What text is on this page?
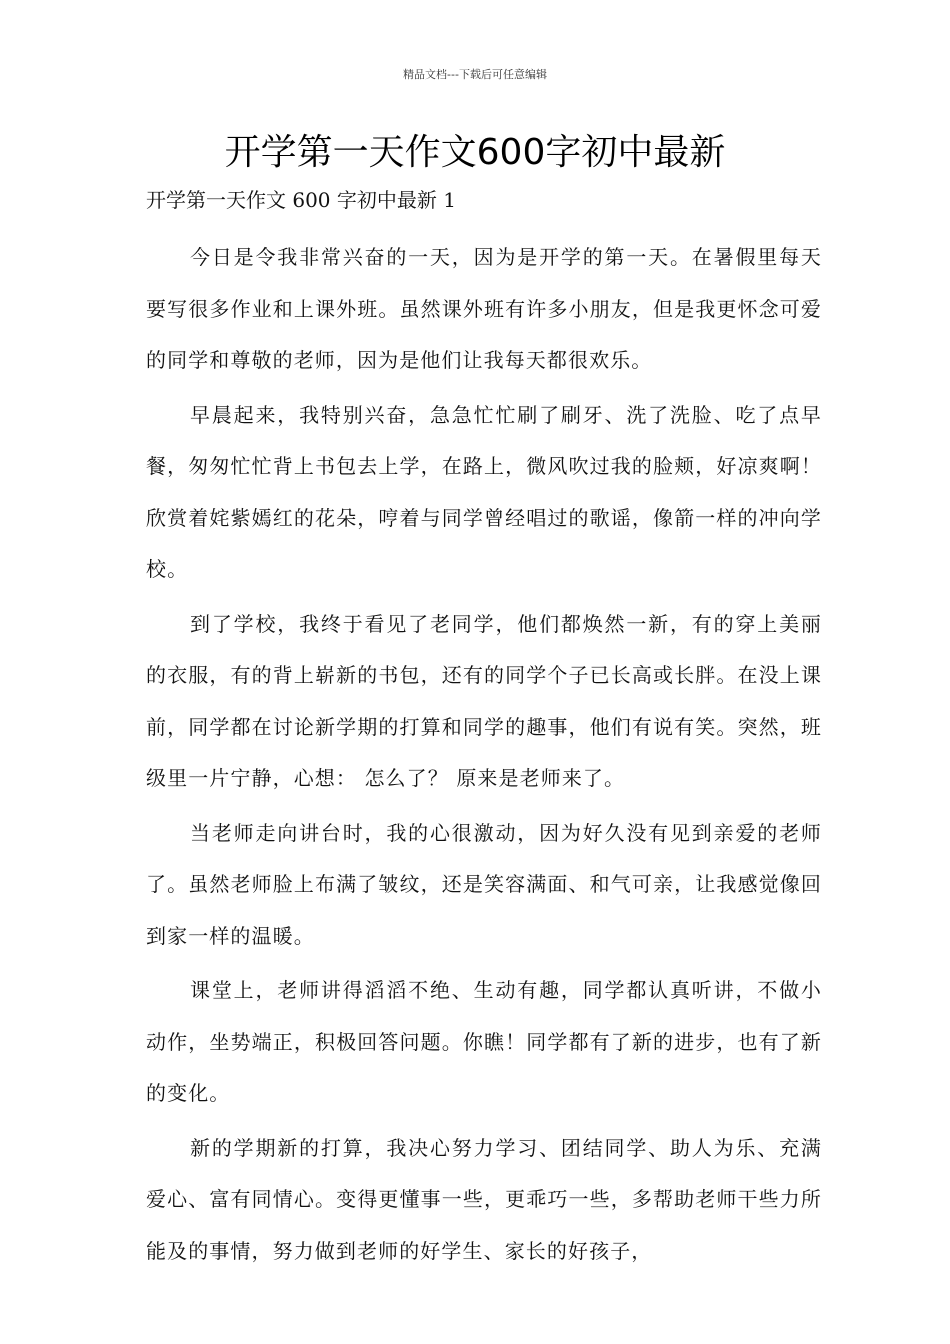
精品文档---下载后可任意编辑
开学第一天作文600字初中最新

开学第一天作文 600 字初中最新 1

今日是令我非常兴奋的一天，因为是开学的第一天。在暑假里每天要写很多作业和上课外班。虽然课外班有许多小朋友，但是我更怀念可爱的同学和尊敬的老师，因为是他们让我每天都很欢乐。

早晨起来，我特别兴奋，急急忙忙刷了刷牙、洗了洗脸、吃了点早餐，匆匆忙忙背上书包去上学，在路上，微风吹过我的脸颊，好凉爽啊！欣赏着姹紫嫣红的花朵，哼着与同学曾经唱过的歌谣，像箭一样的冲向学校。

到了学校，我终于看见了老同学，他们都焕然一新，有的穿上美丽的衣服，有的背上崭新的书包，还有的同学个子已长高或长胖。在没上课前，同学都在讨论新学期的打算和同学的趣事，他们有说有笑。突然，班级里一片宁静，心想： 怎么了？ 原来是老师来了。

当老师走向讲台时，我的心很激动，因为好久没有见到亲爱的老师了。虽然老师脸上布满了皱纹，还是笑容满面、和气可亲，让我感觉像回到家一样的温暖。

课堂上，老师讲得滔滔不绝、生动有趣，同学都认真听讲，不做小动作，坐势端正，积极回答问题。你瞧！同学都有了新的进步，也有了新的变化。

新的学期新的打算，我决心努力学习、团结同学、助人为乐、充满爱心、富有同情心。变得更懂事一些，更乖巧一些，多帮助老师干些力所能及的事情，努力做到老师的好学生、家长的好孩子，
